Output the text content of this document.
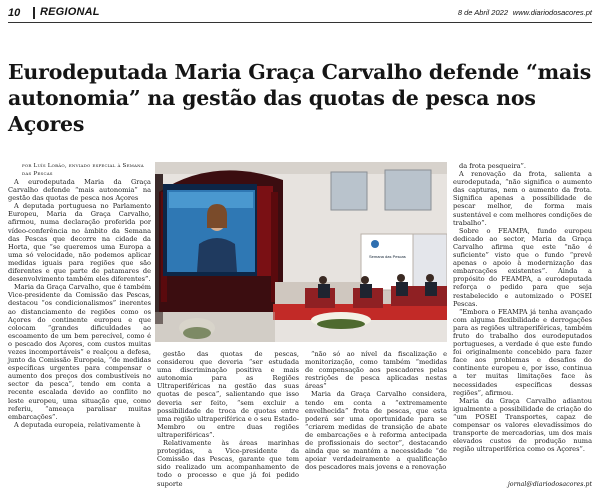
10 REGIONAL	8 de Abril 2022 www.diariodosacores.pt
Eurodeputada Maria Graça Carvalho defende “mais autonomia” na gestão das quotas de pesca nos Açores
por Luís Lobão, enviado especial à Semana das Pescas

A eurodeputada Maria da Graça Carvalho defende “mais autonomia” na gestão das quotas de pesca nos Açores

A deputada portuguesa no Parlamento Europeu, Maria da Graça Carvalho, afirmou, numa declaração proferida por vídeo-conferência no âmbito da Semana das Pescas que decorre na cidade da Horta, que “se queremos uma Europa a uma só velocidade, não podemos aplicar medidas iguais para regiões que são diferentes e que parte de patamares de desenvolvimento também eles diferentes”.

Maria da Graça Carvalho, que é também Vice-presidente da Comissão das Pescas, destacou “os condicionalismos” inerentes ao distanciamento de regiões como os Açores do continente europeu e que colocam “grandes dificuldades ao escoamento de um bem perecível, como é o pescado dos Açores, com custos muitas vezes incomportáveis” e realçou a defesa, junto da Comissão Europeia, “de medidas específicas urgentes para compensar o aumento dos preços dos combustíveis no sector da pesca”, tendo em conta a recente escalada devido ao conflito no leste europeu, uma situação que, como referiu, “ameaça paralisar muitas embarcações”.

A deputada europeia, relativamente à

Semana das Pescas

gestão das quotas de pescas, considerou que deveria “ser estudada uma discriminação positiva e mais autonomia para as Regiões Ultraperiféricas na gestão das suas quotas de pesca”, salientando que isso deveria ser feito, “sem excluir a possibilidade de troca de quotas entre uma região ultraperiférica e o seu Estado-Membro ou entre duas regiões ultraperiféricas”.

Relativamente às áreas marinhas protegidas, a Vice-presidente da Comissão das Pescas, garante que tem sido realizado um acompanhamento de todo o processo e que já foi pedido suporte

“não só ao nível da fiscalização e monitorização, como também “medidas de compensação aos pescadores pelas restrições de pesca aplicadas nestas áreas”

Maria da Graça Carvalho considera, tendo em conta a “extremamente envelhecida” frota de pescas, que esta poderá ser uma oportunidade para se “criarem medidas de transição de abate de embarcações e à reforma antecipada de profissionais do sector”, destacando ainda que se mantém a necessidade “de apoiar verdadeiramente a qualificação dos pescadores mais jovens e a renovação

da frota pesqueira”.

A renovação da frota, salienta a eurodeputada, “não significa o aumento das capturas, nem o aumento da frota. Significa apenas a possibilidade de pescar melhor, de forma mais sustentável e com melhores condições de trabalho”.

Sobre o FEAMPA, fundo europeu dedicado ao sector, Maria da Graça Carvalho afirma que este “não é suficiente” visto que o fundo “prevê apenas o apoio à modernização das embarcações existentes”. Ainda a propósito do FEAMPA, a eurodeputada reforça o pedido para que seja restabelecido e automizado o POSEI Pescas.

“Embora o FEAMPA já tenha avançado com alguma flexibilidade e derrogações para as regiões ultraperiféricas, também fruto do trabalho dos eurodeputados portugueses, a verdade é que este fundo foi originalmente concebido para fazer face aos problemas e desafios do continente europeu e, por isso, continua a ter muitas limitações face às necessidades específicas dessas regiões”, afirmou.

Maria da Graça Carvalho adiantou igualmente a possibilidade de criação do “um POSEI Transportes, capaz de compensar os valores elevadíssimos do transporte de mercadorias, um dos mais elevados custos de produção numa região ultraperiférica como os Açores”.

jornal@diariodosacores.pt
